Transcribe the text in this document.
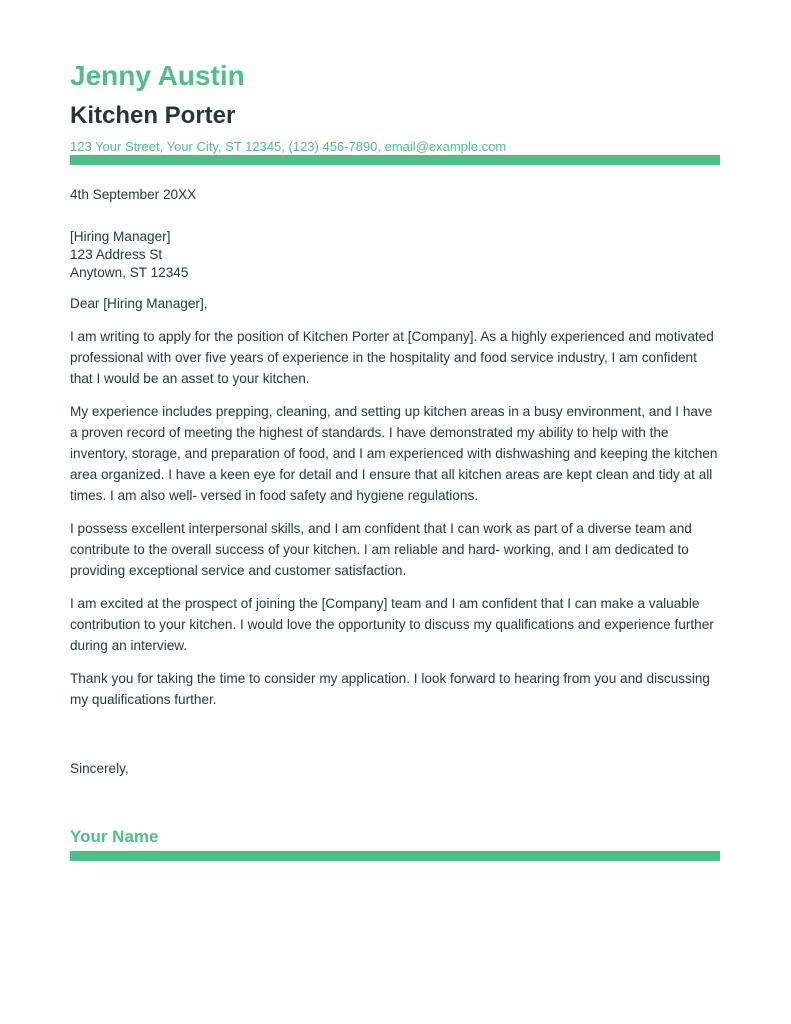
Jenny Austin
Kitchen Porter
123 Your Street, Your City, ST 12345, (123) 456-7890, email@example.com
4th September 20XX
[Hiring Manager]
123 Address St
Anytown, ST 12345
Dear [Hiring Manager],

I am writing to apply for the position of Kitchen Porter at [Company]. As a highly experienced and motivated professional with over five years of experience in the hospitality and food service industry, I am confident that I would be an asset to your kitchen.

My experience includes prepping, cleaning, and setting up kitchen areas in a busy environment, and I have a proven record of meeting the highest of standards. I have demonstrated my ability to help with the inventory, storage, and preparation of food, and I am experienced with dishwashing and keeping the kitchen area organized. I have a keen eye for detail and I ensure that all kitchen areas are kept clean and tidy at all times. I am also well- versed in food safety and hygiene regulations.

I possess excellent interpersonal skills, and I am confident that I can work as part of a diverse team and contribute to the overall success of your kitchen. I am reliable and hard- working, and I am dedicated to providing exceptional service and customer satisfaction.

I am excited at the prospect of joining the [Company] team and I am confident that I can make a valuable contribution to your kitchen. I would love the opportunity to discuss my qualifications and experience further during an interview.

Thank you for taking the time to consider my application. I look forward to hearing from you and discussing my qualifications further.

Sincerely,
Your Name
